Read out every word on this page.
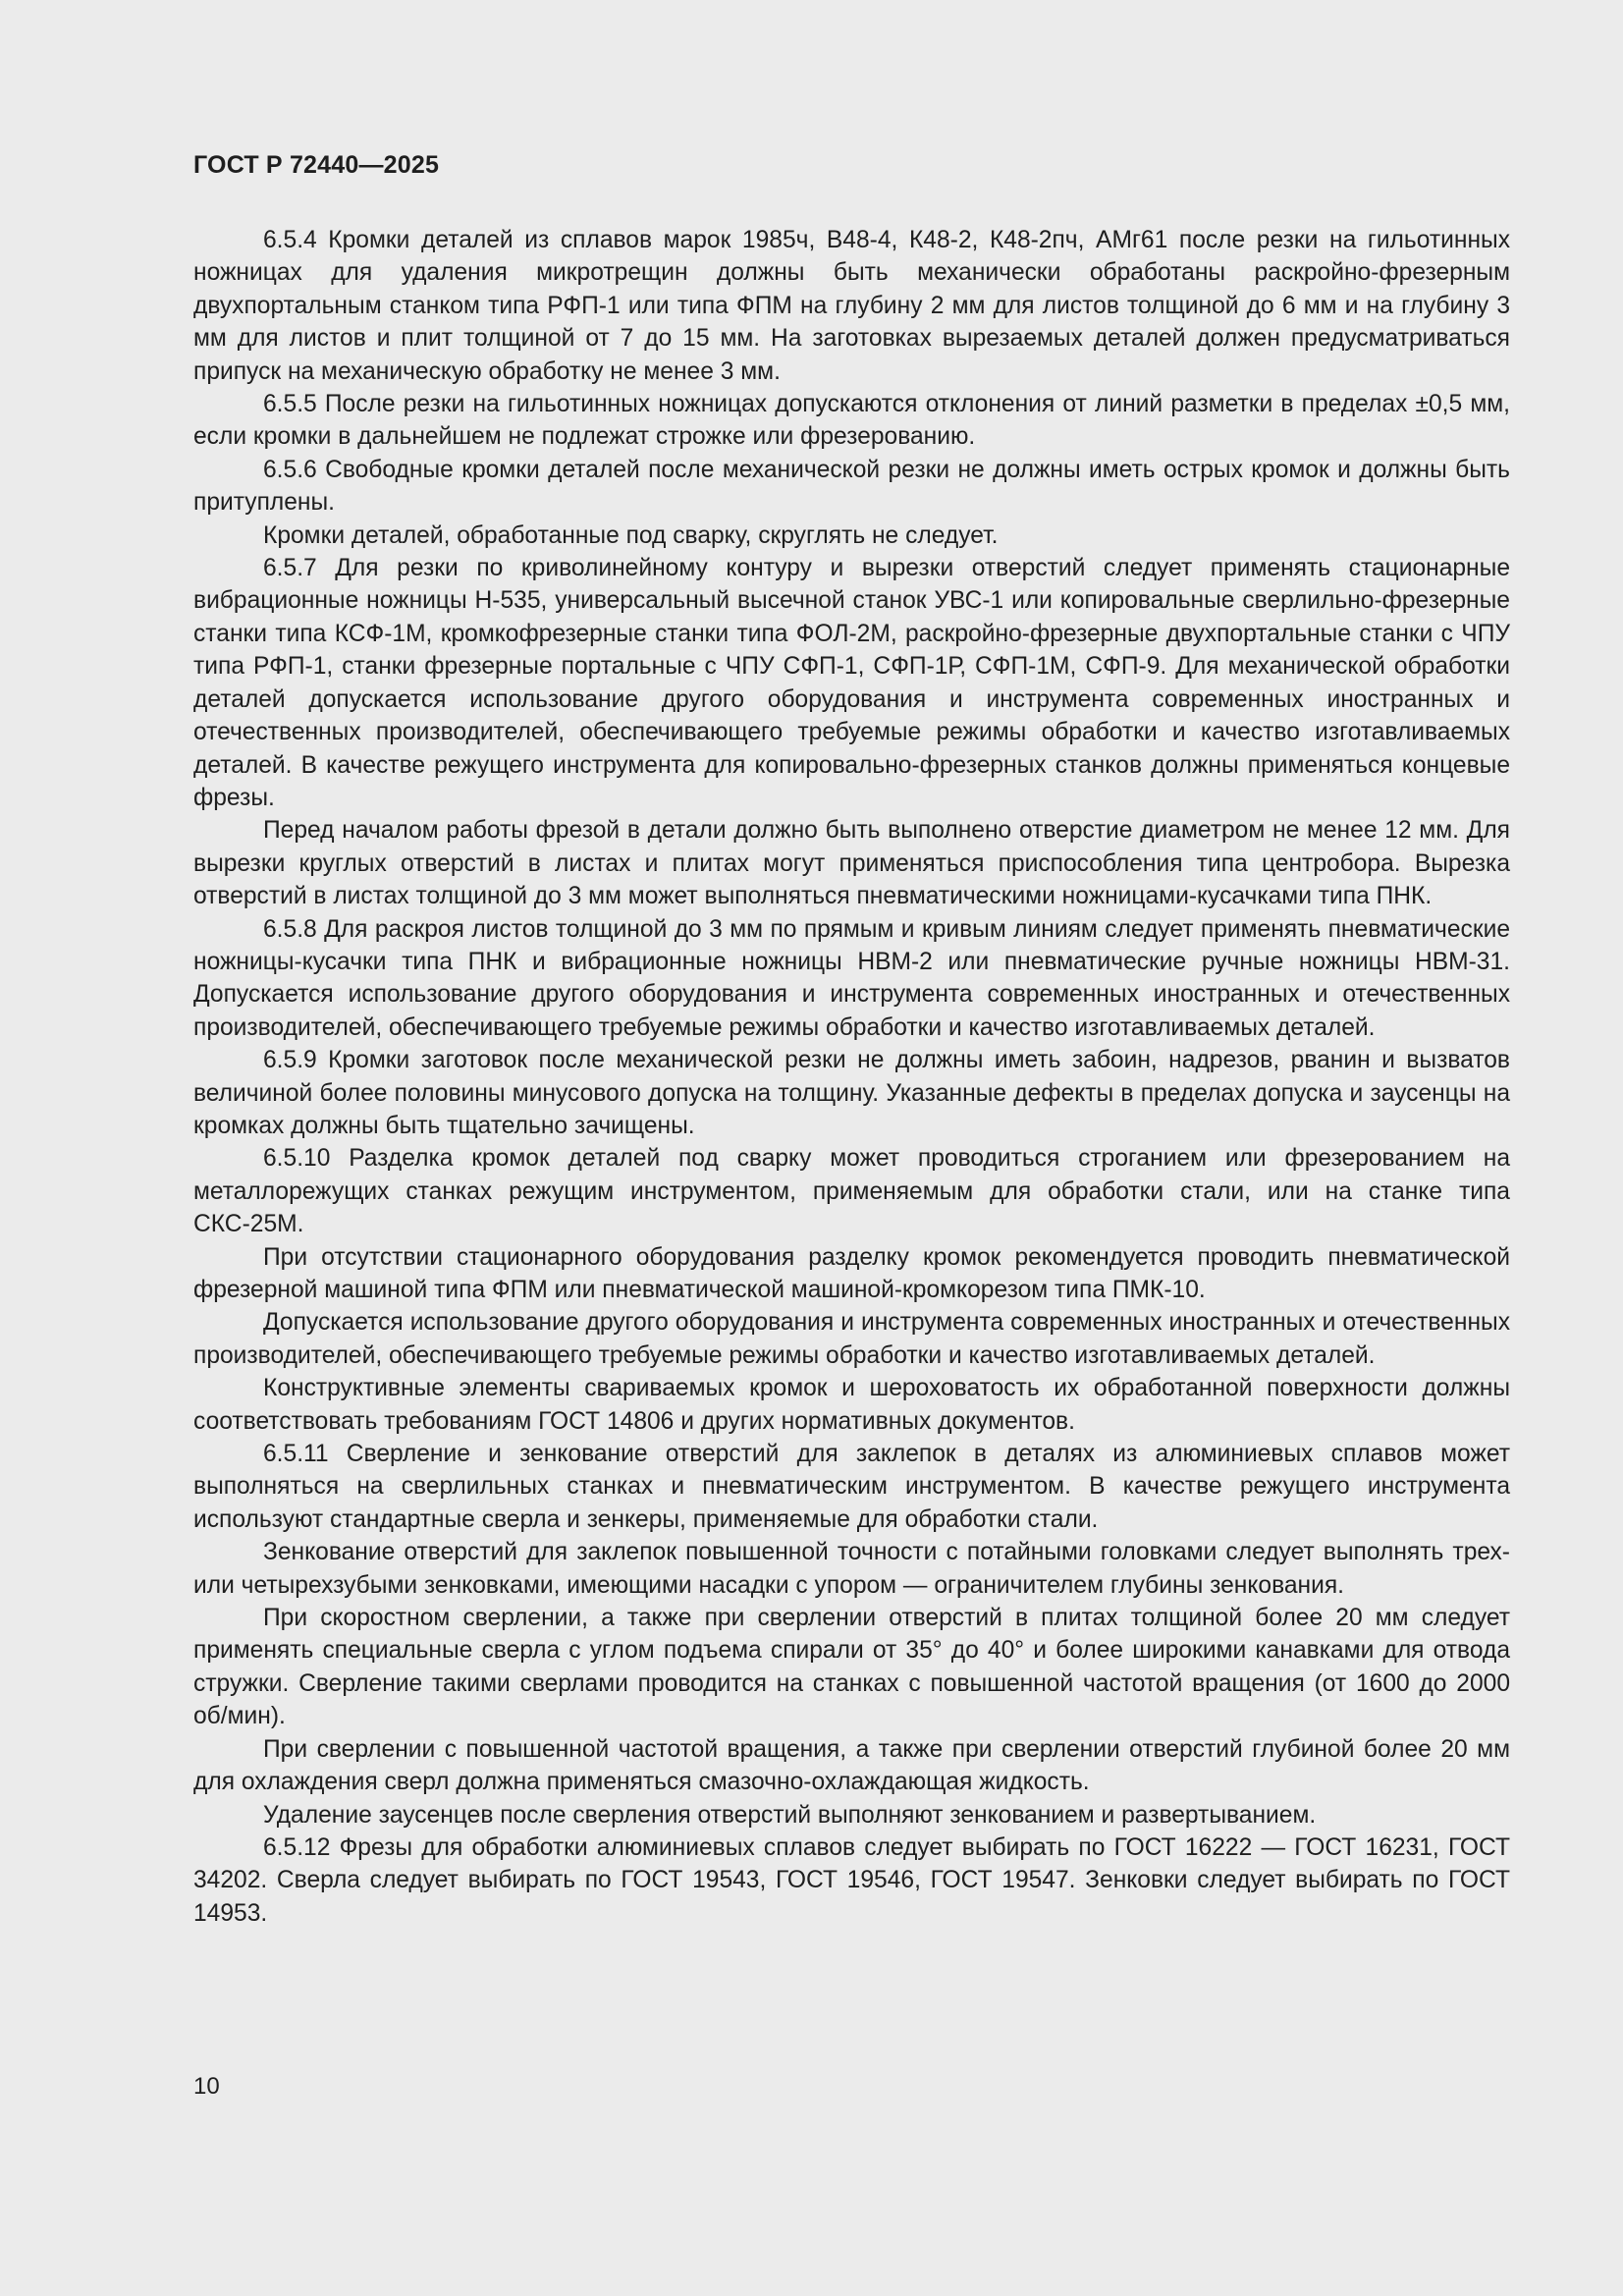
ГОСТ Р 72440—2025

6.5.4 Кромки деталей из сплавов марок 1985ч, В48-4, К48-2, К48-2пч, АМг61 после резки на гильотинных ножницах для удаления микротрещин должны быть механически обработаны раскройно-фрезерным двухпортальным станком типа РФП-1 или типа ФПМ на глубину 2 мм для листов толщиной до 6 мм и на глубину 3 мм для листов и плит толщиной от 7 до 15 мм. На заготовках вырезаемых деталей должен предусматриваться припуск на механическую обработку не менее 3 мм.

6.5.5 После резки на гильотинных ножницах допускаются отклонения от линий разметки в пределах ±0,5 мм, если кромки в дальнейшем не подлежат строжке или фрезерованию.

6.5.6 Свободные кромки деталей после механической резки не должны иметь острых кромок и должны быть притуплены.

Кромки деталей, обработанные под сварку, скруглять не следует.

6.5.7 Для резки по криволинейному контуру и вырезки отверстий следует применять стационарные вибрационные ножницы Н-535, универсальный высечной станок УВС-1 или копировальные сверлильно-фрезерные станки типа КСФ-1М, кромкофрезерные станки типа ФОЛ-2М, раскройно-фрезерные двухпортальные станки с ЧПУ типа РФП-1, станки фрезерные портальные с ЧПУ СФП-1, СФП-1Р, СФП-1М, СФП-9. Для механической обработки деталей допускается использование другого оборудования и инструмента современных иностранных и отечественных производителей, обеспечивающего требуемые режимы обработки и качество изготавливаемых деталей. В качестве режущего инструмента для копировально-фрезерных станков должны применяться концевые фрезы.

Перед началом работы фрезой в детали должно быть выполнено отверстие диаметром не менее 12 мм. Для вырезки круглых отверстий в листах и плитах могут применяться приспособления типа центробора. Вырезка отверстий в листах толщиной до 3 мм может выполняться пневматическими ножницами-кусачками типа ПНК.

6.5.8 Для раскроя листов толщиной до 3 мм по прямым и кривым линиям следует применять пневматические ножницы-кусачки типа ПНК и вибрационные ножницы НВМ-2 или пневматические ручные ножницы НВМ-31. Допускается использование другого оборудования и инструмента современных иностранных и отечественных производителей, обеспечивающего требуемые режимы обработки и качество изготавливаемых деталей.

6.5.9 Кромки заготовок после механической резки не должны иметь забоин, надрезов, рванин и вызватов величиной более половины минусового допуска на толщину. Указанные дефекты в пределах допуска и заусенцы на кромках должны быть тщательно зачищены.

6.5.10 Разделка кромок деталей под сварку может проводиться строганием или фрезерованием на металлорежущих станках режущим инструментом, применяемым для обработки стали, или на станке типа СКС-25М.

При отсутствии стационарного оборудования разделку кромок рекомендуется проводить пневматической фрезерной машиной типа ФПМ или пневматической машиной-кромкорезом типа ПМК-10.

Допускается использование другого оборудования и инструмента современных иностранных и отечественных производителей, обеспечивающего требуемые режимы обработки и качество изготавливаемых деталей.

Конструктивные элементы свариваемых кромок и шероховатость их обработанной поверхности должны соответствовать требованиям ГОСТ 14806 и других нормативных документов.

6.5.11 Сверление и зенкование отверстий для заклепок в деталях из алюминиевых сплавов может выполняться на сверлильных станках и пневматическим инструментом. В качестве режущего инструмента используют стандартные сверла и зенкеры, применяемые для обработки стали.

Зенкование отверстий для заклепок повышенной точности с потайными головками следует выполнять трех- или четырехзубыми зенковками, имеющими насадки с упором — ограничителем глубины зенкования.

При скоростном сверлении, а также при сверлении отверстий в плитах толщиной более 20 мм следует применять специальные сверла с углом подъема спирали от 35° до 40° и более широкими канавками для отвода стружки. Сверление такими сверлами проводится на станках с повышенной частотой вращения (от 1600 до 2000 об/мин).

При сверлении с повышенной частотой вращения, а также при сверлении отверстий глубиной более 20 мм для охлаждения сверл должна применяться смазочно-охлаждающая жидкость.

Удаление заусенцев после сверления отверстий выполняют зенкованием и развертыванием.

6.5.12 Фрезы для обработки алюминиевых сплавов следует выбирать по ГОСТ 16222 — ГОСТ 16231, ГОСТ 34202. Сверла следует выбирать по ГОСТ 19543, ГОСТ 19546, ГОСТ 19547. Зенковки следует выбирать по ГОСТ 14953.

10
